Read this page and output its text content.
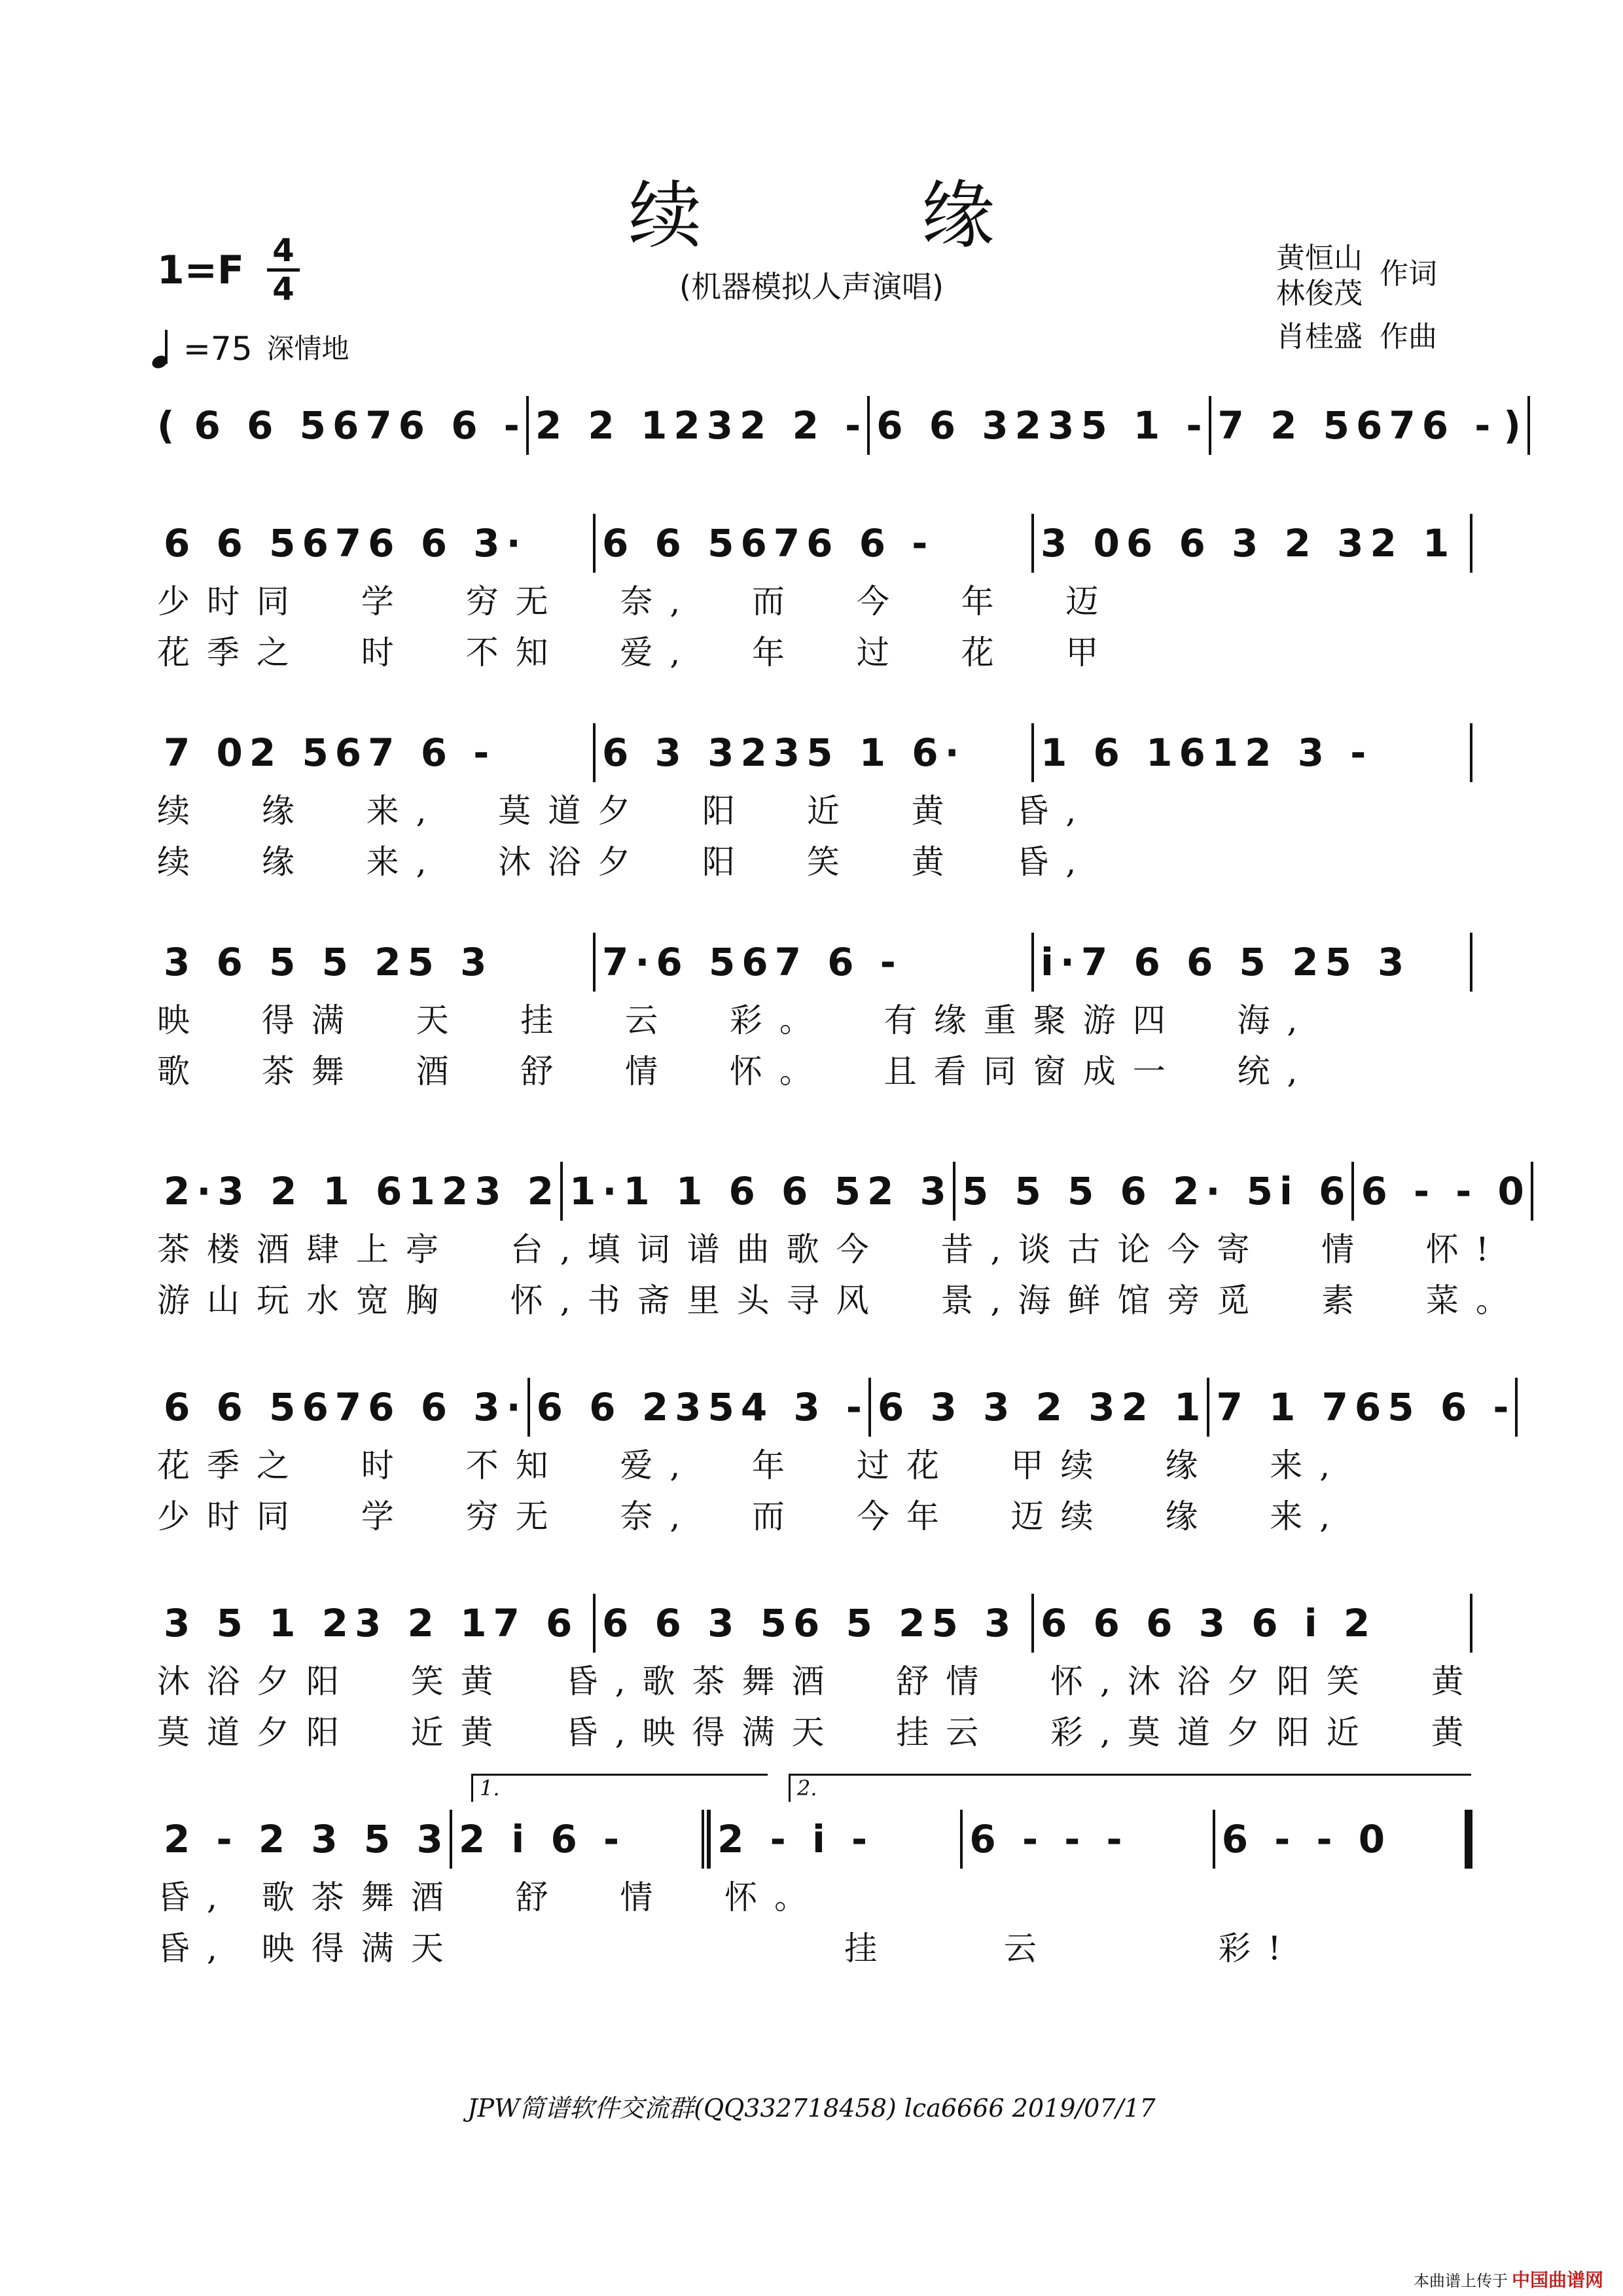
续 缘
(机器模拟人声演唱)
1=F 4
4
=75 深情地
黄恒山 作词
林俊茂
肖桂盛 作曲
( 6 6 5676 6 - 2 2 1232 2 - 6 6 3235 1 - 7 2 5676 - )
6 6 5676 6 3·	6 6 5676 6 -	3 06 6 3 2 32 1
少时同  学  穷无  奈,  而  今  年  迈
花季之  时  不知  爱,  年  过  花  甲
7 02 567 6 -	6 3 3235 1 6·	1 6 1612 3 -
续  缘  来,  莫道夕  阳  近  黄  昏,
续  缘  来,  沐浴夕  阳  笑  黄  昏,
3 6 5 5 25 3	7·6 567 6 -	i·7 6 6 5 25 3
映  得满  天  挂  云  彩。  有缘重聚游四  海,
歌  茶舞  酒  舒  情  怀。  且看同窗成一  统,
2·3 2 1 6123 2 1·1 1 6 6 52 3 5 5 5 6 2· 5i 6 6 - - 0
茶楼酒肆上亭  台,填词谱曲歌今  昔,谈古论今寄  情  怀!
游山玩水宽胸  怀,书斋里头寻风  景,海鲜馆旁觅  素  菜。
6 6 5676 6 3· 6 6 2354 3 - 6 3 3 2 32 1 7 1 765 6 -
花季之  时  不知  爱,  年  过花  甲续  缘  来,
少时同  学  穷无  奈,  而  今年  迈续  缘  来,
3 5 1 23 2 17 6 6 6 3 56 5 25 3 6 6 6 3 6 i 2
沐浴夕阳  笑黄  昏,歌茶舞酒  舒情  怀,沐浴夕阳笑  黄
莫道夕阳  近黄  昏,映得满天  挂云  彩,莫道夕阳近  黄
2 - 2 3 5 3 2 i 6 -	2 - i -	6 - - -	6 - - 0
昏, 歌茶舞酒  舒  情  怀。
昏, 映得满天              挂    云      彩!
1.	2.
JPW简谱软件交流群(QQ332718458) lca6666 2019/07/17
本曲谱上传于 中国曲谱网
